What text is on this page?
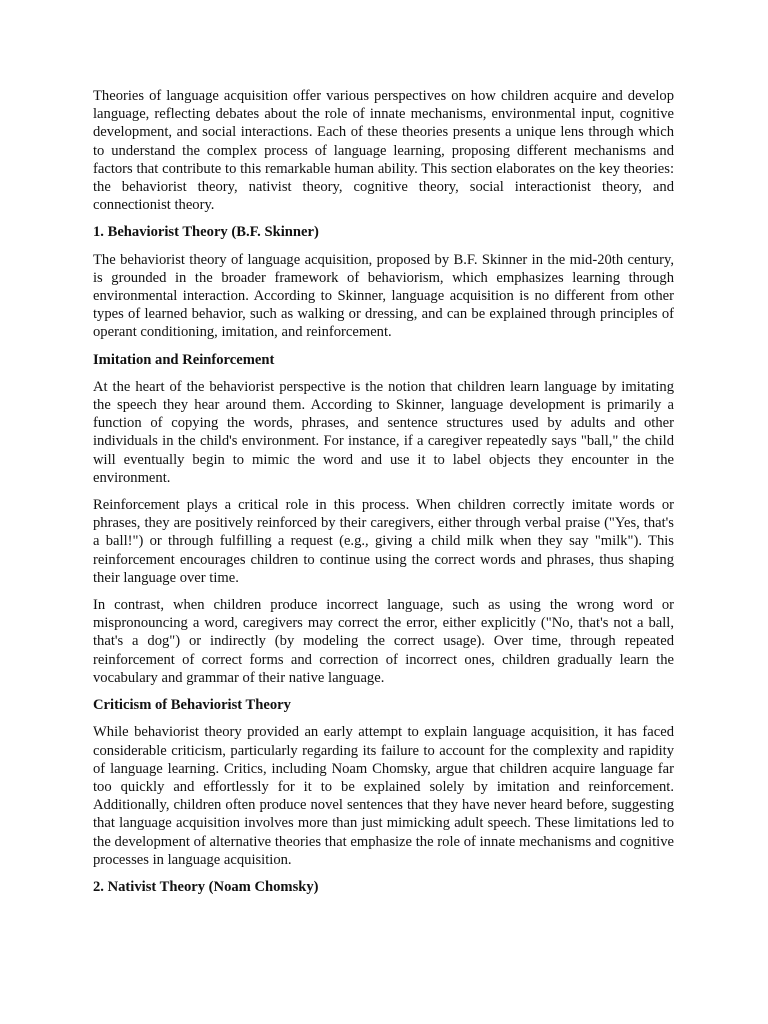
Theories of language acquisition offer various perspectives on how children acquire and develop language, reflecting debates about the role of innate mechanisms, environmental input, cognitive development, and social interactions. Each of these theories presents a unique lens through which to understand the complex process of language learning, proposing different mechanisms and factors that contribute to this remarkable human ability. This section elaborates on the key theories: the behaviorist theory, nativist theory, cognitive theory, social interactionist theory, and connectionist theory.

1. Behaviorist Theory (B.F. Skinner)

The behaviorist theory of language acquisition, proposed by B.F. Skinner in the mid-20th century, is grounded in the broader framework of behaviorism, which emphasizes learning through environmental interaction. According to Skinner, language acquisition is no different from other types of learned behavior, such as walking or dressing, and can be explained through principles of operant conditioning, imitation, and reinforcement.

Imitation and Reinforcement

At the heart of the behaviorist perspective is the notion that children learn language by imitating the speech they hear around them. According to Skinner, language development is primarily a function of copying the words, phrases, and sentence structures used by adults and other individuals in the child's environment. For instance, if a caregiver repeatedly says "ball," the child will eventually begin to mimic the word and use it to label objects they encounter in the environment.

Reinforcement plays a critical role in this process. When children correctly imitate words or phrases, they are positively reinforced by their caregivers, either through verbal praise ("Yes, that's a ball!") or through fulfilling a request (e.g., giving a child milk when they say "milk"). This reinforcement encourages children to continue using the correct words and phrases, thus shaping their language over time.

In contrast, when children produce incorrect language, such as using the wrong word or mispronouncing a word, caregivers may correct the error, either explicitly ("No, that's not a ball, that's a dog") or indirectly (by modeling the correct usage). Over time, through repeated reinforcement of correct forms and correction of incorrect ones, children gradually learn the vocabulary and grammar of their native language.

Criticism of Behaviorist Theory

While behaviorist theory provided an early attempt to explain language acquisition, it has faced considerable criticism, particularly regarding its failure to account for the complexity and rapidity of language learning. Critics, including Noam Chomsky, argue that children acquire language far too quickly and effortlessly for it to be explained solely by imitation and reinforcement. Additionally, children often produce novel sentences that they have never heard before, suggesting that language acquisition involves more than just mimicking adult speech. These limitations led to the development of alternative theories that emphasize the role of innate mechanisms and cognitive processes in language acquisition.

2. Nativist Theory (Noam Chomsky)
